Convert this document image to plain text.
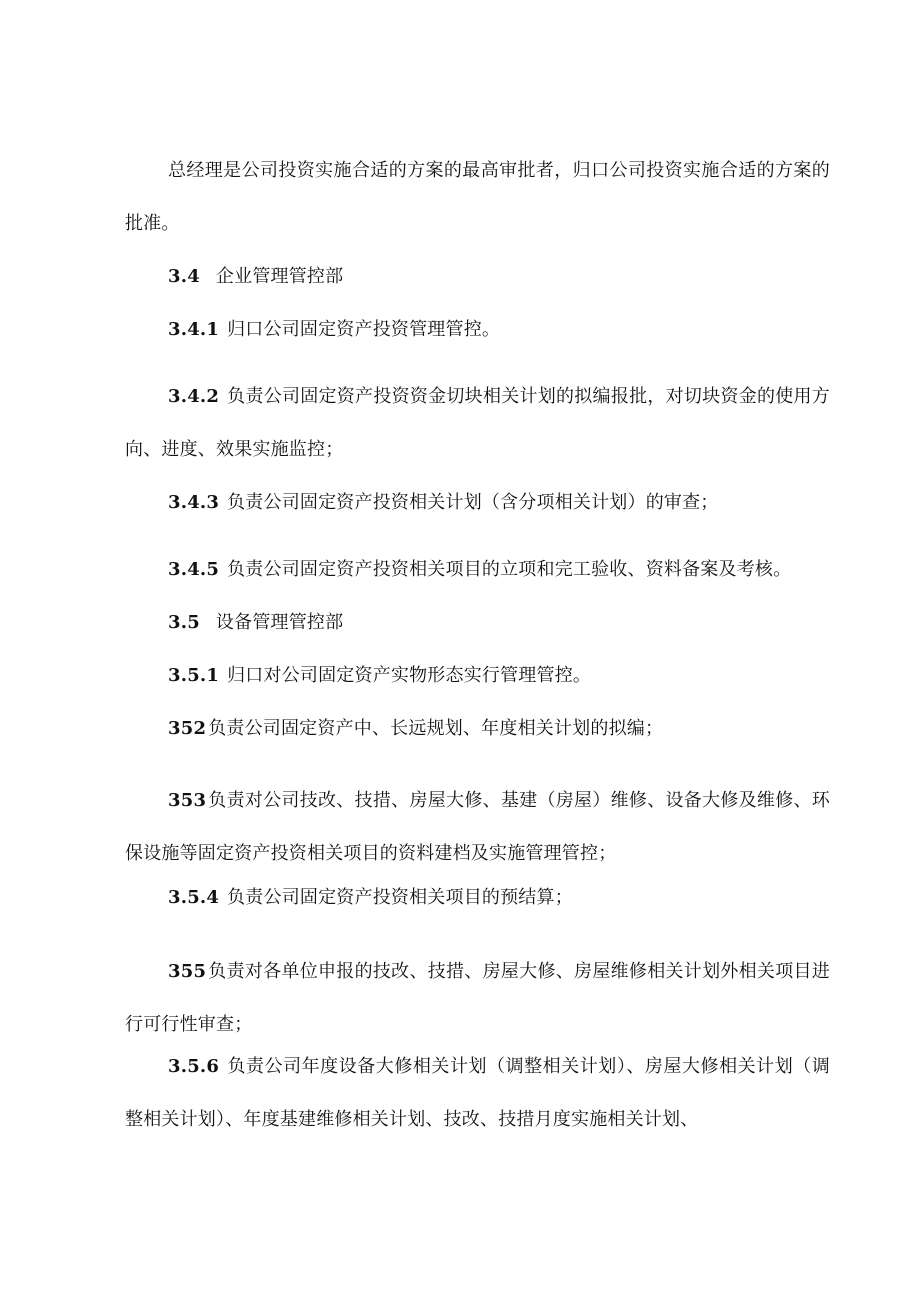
总经理是公司投资实施合适的方案的最高审批者，归口公司投资实施合适的方案的批准。

3.4 企业管理管控部

3.4.1 归口公司固定资产投资管理管控。

3.4.2 负责公司固定资产投资资金切块相关计划的拟编报批，对切块资金的使用方向、进度、效果实施监控；

3.4.3 负责公司固定资产投资相关计划（含分项相关计划）的审查；

3.4.5 负责公司固定资产投资相关项目的立项和完工验收、资料备案及考核。

3.5 设备管理管控部

3.5.1 归口对公司固定资产实物形态实行管理管控。

352 负责公司固定资产中、长远规划、年度相关计划的拟编；

353 负责对公司技改、技措、房屋大修、基建（房屋）维修、设备大修及维修、环保设施等固定资产投资相关项目的资料建档及实施管理管控；

3.5.4 负责公司固定资产投资相关项目的预结算；

355 负责对各单位申报的技改、技措、房屋大修、房屋维修相关计划外相关项目进行可行性审查；

3.5.6 负责公司年度设备大修相关计划（调整相关计划）、房屋大修相关计划（调整相关计划）、年度基建维修相关计划、技改、技措月度实施相关计划、
